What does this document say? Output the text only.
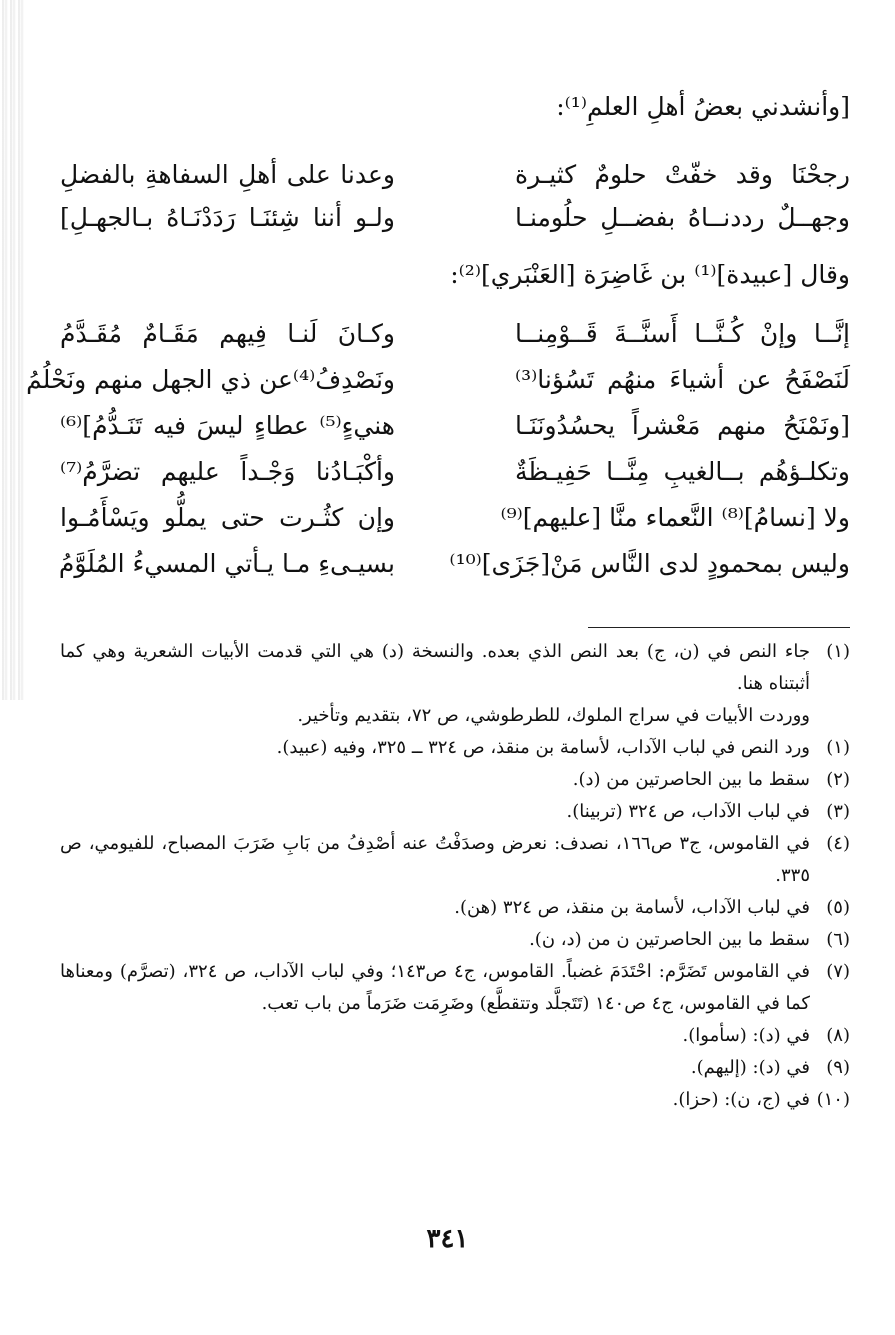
[وأنشدني بعضُ أهلِ العلمِ⁽¹⁾:
رجحْنَا وقد خفّتْ حلومٌ كثيـرة
وعدنا على أهلِ السفاهةِ بالفضلِ
وجهــلٌ رددنــاهُ بفضــلِ حلُومنـا
ولـو أننا شِئنَـا رَدَدْنَـاهُ بـالجهـلِ]
وقال [عبيدة]⁽¹⁾ بن غَاضِرَة [العَنْبَري]⁽²⁾:
إنَّــا وإنْ كُـنَّــا أَسنَّــةَ قَــوْمِنــا
وكـانَ لَنـا فِيهم مَقَـامٌ مُقَـدَّمُ
لَنَصْفَحُ عن أشياءَ منهُم تَسُؤنا⁽³⁾
ونَصْدِفُ⁽⁴⁾عن ذي الجهل منهم ونَحْلُمُ
[ونَمْنَحُ منهم مَعْشراً يحسُدُونَنَـا
هنيءٍ⁽⁵⁾ عطاءٍ ليسَ فيه تَنَـدُّمُ]⁽⁶⁾
وتكلـؤهُم بــالغيبِ مِنَّــا حَفِيـظَةٌ
وأكْبَـادُنا وَجْـداً عليهم تضرَّمُ⁽⁷⁾
ولا [نسامُ]⁽⁸⁾ النَّعماء منَّا [عليهم]⁽⁹⁾
وإن كثُـرت حتى يملُّو ويَسْأَمُـوا
وليس بمحمودٍ لدى النَّاس مَنْ[جَزَى]⁽¹⁰⁾
بسيـىءِ مـا يـأتي المسيءُ المُلَوَّمُ
(١)
جاء النص في (ن، ج) بعد النص الذي بعده. والنسخة (د) هي التي قدمت الأبيات الشعرية وهي كما أثبتناه هنا.
ووردت الأبيات في سراج الملوك، للطرطوشي، ص ٧٢، بتقديم وتأخير.
(١)
ورد النص في لباب الآداب، لأسامة بن منقذ، ص ٣٢٤ ــ ٣٢٥، وفيه (عبيد).
(٢)
سقط ما بين الحاصرتين من (د).
(٣)
في لباب الآداب، ص ٣٢٤ (تربينا).
(٤)
في القاموس، ج٣ ص١٦٦، نصدف: نعرض وصدَفْتُ عنه أصْدِفُ من بَابِ ضَرَبَ المصباح، للفيومي، ص ٣٣٥.
(٥)
في لباب الآداب، لأسامة بن منقذ، ص ٣٢٤ (هن).
(٦)
سقط ما بين الحاصرتين ن من (د، ن).
(٧)
في القاموس تَضَرَّم: احْتَدَمَ غضباً. القاموس، ج٤ ص١٤٣؛ وفي لباب الآداب، ص ٣٢٤، (تصرَّم) ومعناها كما في القاموس، ج٤ ص١٤٠ (تَتَجلَّد وتتقطَّع) وضَرِمَت ضَرَماً من باب تعب.
(٨)
في (د): (سأموا).
(٩)
في (د): (إليهم).
(١٠)
في (ج، ن): (حزا).
٣٤١
